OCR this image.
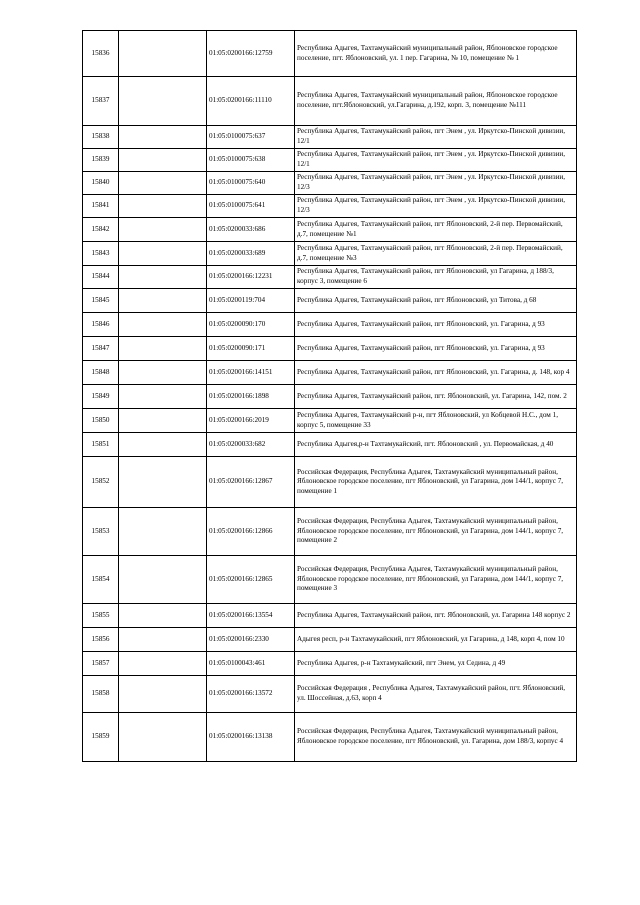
15836		01:05:0200166:12759	Республика Адыгея, Тахтамукайский муниципальный район, Яблоновское городское поселение, пгт. Яблоновский, ул. 1 пер. Гагарина, № 10, помещение № 1
15837		01:05:0200166:11110	Республика Адыгея, Тахтамукайский муниципальный район, Яблоновское городское поселение, пгт.Яблоновский, ул.Гагарина, д.192, корп. 3, помещение №111
15838		01:05:0100075:637	Республика Адыгея, Тахтамукайский район, пгт Энем , ул. Иркутско-Пинской дивизии, 12/1
15839		01:05:0100075:638	Республика Адыгея, Тахтамукайский район, пгт Энем , ул. Иркутско-Пинской дивизии, 12/1
15840		01:05:0100075:640	Республика Адыгея, Тахтамукайский район, пгт Энем , ул. Иркутско-Пинской дивизии, 12/3
15841		01:05:0100075:641	Республика Адыгея, Тахтамукайский район, пгт Энем , ул. Иркутско-Пинской дивизии, 12/3
15842		01:05:0200033:686	Республика Адыгея, Тахтамукайский район, пгт Яблоновский, 2-й пер. Первомайский, д.7, помещение №1
15843		01:05:0200033:689	Республика Адыгея, Тахтамукайский район, пгт Яблоновский, 2-й пер. Первомайский, д.7, помещение №3
15844		01:05:0200166:12231	Республика Адыгея, Тахтамукайский район, пгт Яблоновский, ул Гагарина, д 188/3, корпус 3, помещение 6
15845		01:05:0200119:704	Республика Адыгея, Тахтамукайский район, пгт Яблоновский, ул Титова, д 68
15846		01:05:0200090:170	Республика Адыгея, Тахтамукайский район, пгт Яблоновский, ул. Гагарина, д 93
15847		01:05:0200090:171	Республика Адыгея, Тахтамукайский район, пгт Яблоновский, ул. Гагарина, д 93
15848		01:05:0200166:14151	Республика Адыгея, Тахтамукайский район, пгт Яблоновский, ул. Гагарина, д. 148, кор 4
15849		01:05:0200166:1898	Республика Адыгея, Тахтамукайский район, пгт. Яблоновский, ул. Гагарина, 142, пом. 2
15850		01:05:0200166:2019	Республика Адыгея, Тахтамукайский р-н, пгт Яблоновский, ул Кобцевой Н.С., дом 1, корпус 5, помещение 33
15851		01:05:0200033:682	Республика Адыгея,р-н Тахтамукайский, пгт. Яблоновский , ул. Первомайская, д 40
15852		01:05:0200166:12867	Российская Федерация, Республика Адыгея, Тахтамукайский муниципальный район, Яблоновское городское поселение, пгт Яблоновский, ул Гагарина, дом 144/1, корпус 7, помещение 1
15853		01:05:0200166:12866	Российская Федерация, Республика Адыгея, Тахтамукайский муниципальный район, Яблоновское городское поселение, пгт Яблоновский, ул Гагарина, дом 144/1, корпус 7, помещение 2
15854		01:05:0200166:12865	Российская Федерация, Республика Адыгея, Тахтамукайский муниципальный район, Яблоновское городское поселение, пгт Яблоновский, ул Гагарина, дом 144/1, корпус 7, помещение 3
15855		01:05:0200166:13554	Республика Адыгея, Тахтамукайский район, пгт. Яблоновский, ул. Гагарина 148 корпус 2
15856		01:05:0200166:2330	Адыгея респ, р-н Тахтамукайский, пгт Яблоновский, ул Гагарина, д 148, корп 4, пом 10
15857		01:05:0100043:461	Республика Адыгея, р-н Тахтамукайский, пгт Энем, ул Седина, д 49
15858		01:05:0200166:13572	Российская Федерация , Республика Адыгея, Тахтамукайский район, пгт. Яблоновский, ул. Шоссейная, д.63, корп 4
15859		01:05:0200166:13138	Российская Федерация, Республика Адыгея, Тахтамукайский муниципальный район, Яблоновское городское поселение, пгт Яблоновский, ул. Гагарина, дом 188/3, корпус 4
